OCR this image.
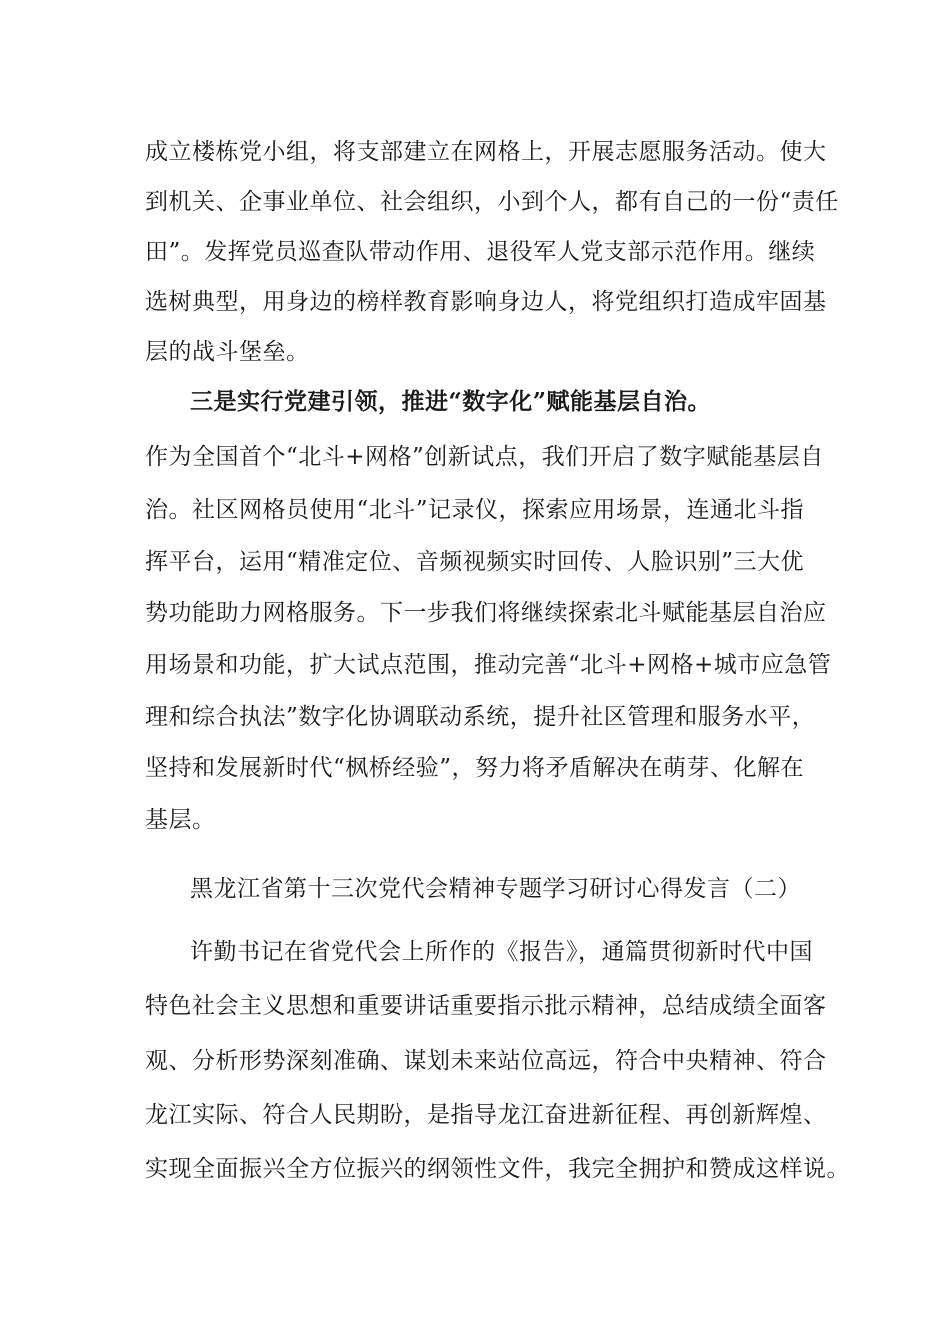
成立楼栋党小组，将支部建立在网格上，开展志愿服务活动。使大
到机关、企事业单位、社会组织，小到个人，都有自己的一份“责任
田”。发挥党员巡查队带动作用、退役军人党支部示范作用。继续
选树典型，用身边的榜样教育影响身边人，将党组织打造成牢固基
层的战斗堡垒。
三是实行党建引领，推进“数字化”赋能基层自治。
作为全国首个“北斗+网格”创新试点，我们开启了数字赋能基层自
治。社区网格员使用“北斗”记录仪，探索应用场景，连通北斗指
挥平台，运用“精准定位、音频视频实时回传、人脸识别”三大优
势功能助力网格服务。下一步我们将继续探索北斗赋能基层自治应
用场景和功能，扩大试点范围，推动完善“北斗+网格+城市应急管
理和综合执法”数字化协调联动系统，提升社区管理和服务水平，
坚持和发展新时代“枫桥经验”，努力将矛盾解决在萌芽、化解在
基层。
黑龙江省第十三次党代会精神专题学习研讨心得发言（二）
许勤书记在省党代会上所作的《报告》，通篇贯彻新时代中国
特色社会主义思想和重要讲话重要指示批示精神，总结成绩全面客
观、分析形势深刻准确、谋划未来站位高远，符合中央精神、符合
龙江实际、符合人民期盼，是指导龙江奋进新征程、再创新辉煌、
实现全面振兴全方位振兴的纲领性文件，我完全拥护和赞成这样说。
